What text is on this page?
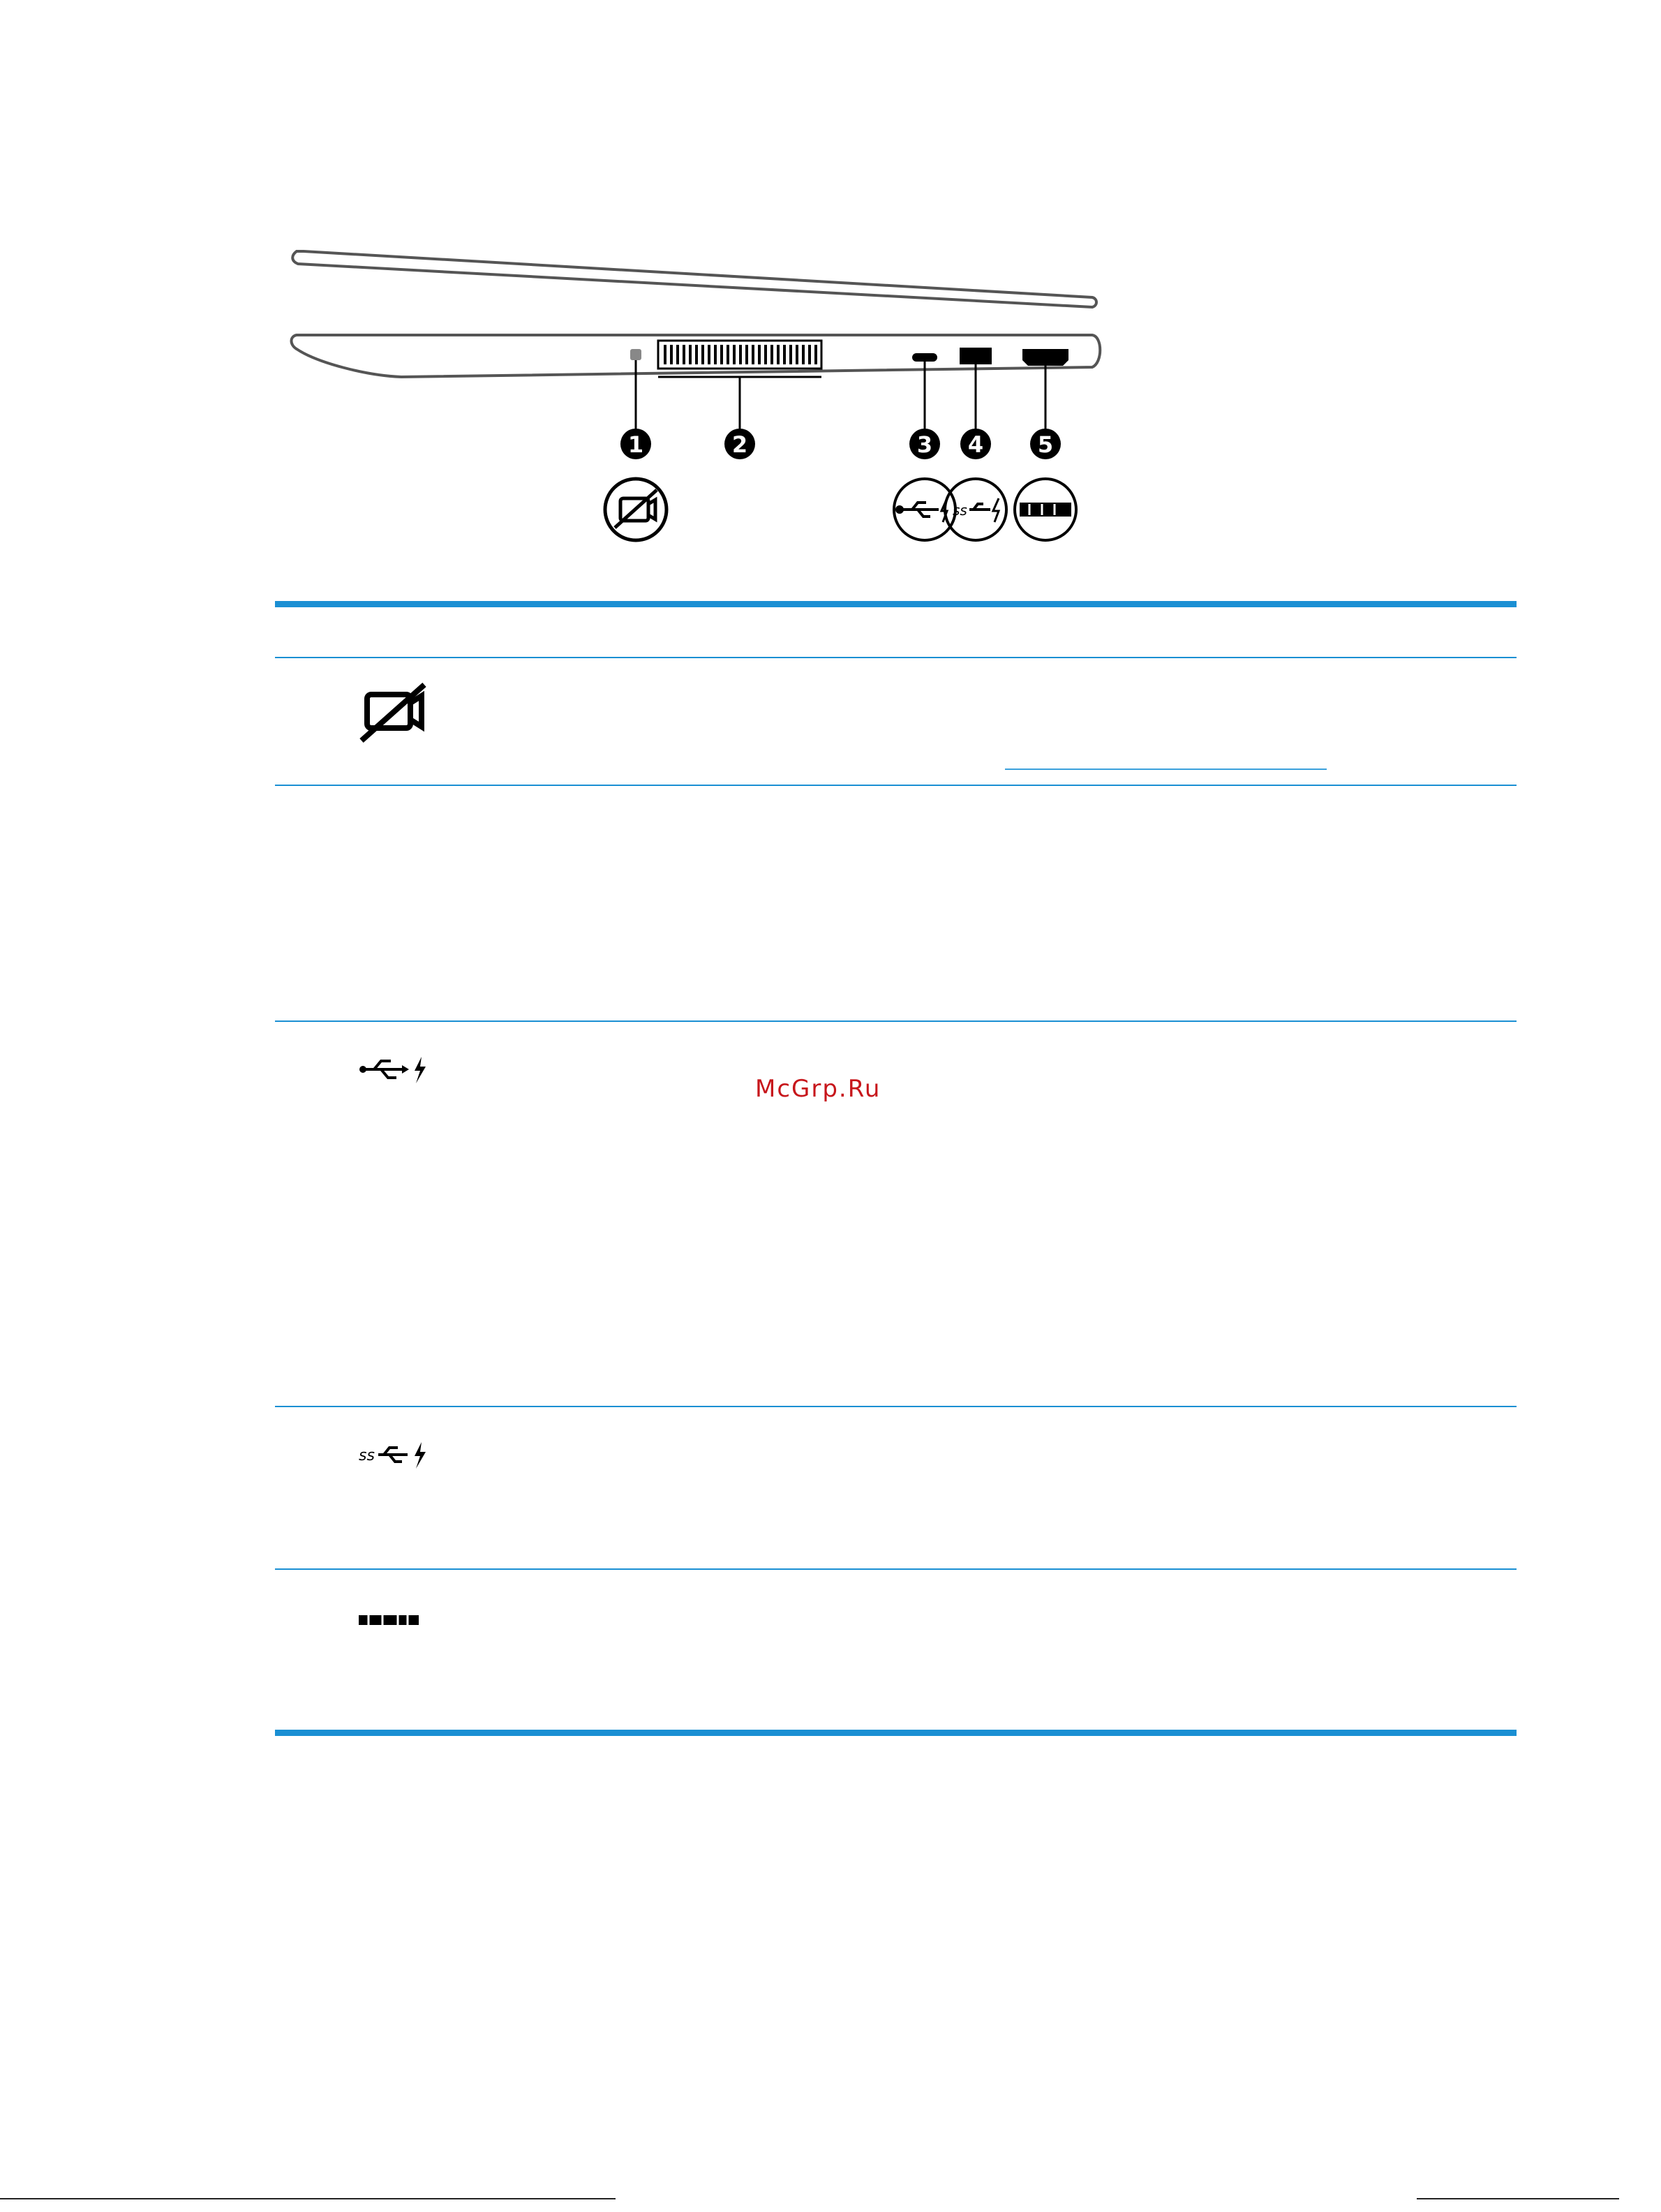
1	2	3 4 5
ss
McGrp.Ru
ss
